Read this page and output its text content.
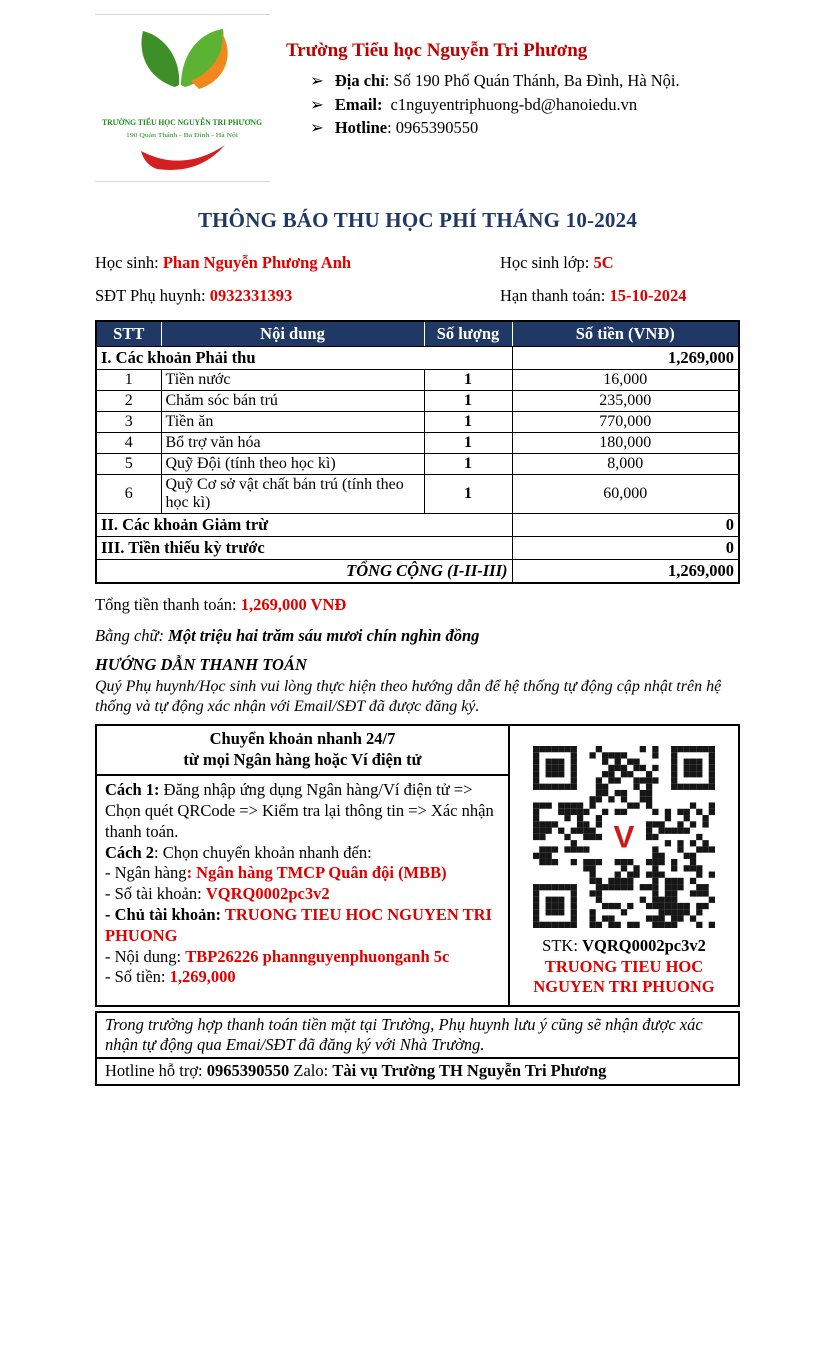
TRƯỜNG TIỂU HỌC NGUYỄN TRI PHƯƠNG
190 Quán Thánh - Ba Đình - Hà Nội
Trường Tiểu học Nguyễn Tri Phương
➢ Địa chỉ: Số 190 Phố Quán Thánh, Ba Đình, Hà Nội.
➢ Email: c1nguyentriphuong-bd@hanoiedu.vn
➢ Hotline: 0965390550
THÔNG BÁO THU HỌC PHÍ THÁNG 10-2024
Học sinh: Phan Nguyễn Phương Anh	Học sinh lớp: 5C
SĐT Phụ huynh: 0932331393	Hạn thanh toán: 15-10-2024
STT	Nội dung	Số lượng	Số tiền (VNĐ)
I. Các khoản Phải thu			1,269,000
1	Tiền nước	1	16,000
2	Chăm sóc bán trú	1	235,000
3	Tiền ăn	1	770,000
4	Bổ trợ văn hóa	1	180,000
5	Quỹ Đội (tính theo học kì)	1	8,000
6	Quỹ Cơ sở vật chất bán trú (tính theo học kì)	1	60,000
II. Các khoản Giảm trừ			0
III. Tiền thiếu kỳ trước			0
TỔNG CỘNG (I-II-III)			1,269,000
Tổng tiền thanh toán: 1,269,000 VNĐ
Bằng chữ: Một triệu hai trăm sáu mươi chín nghìn đồng
HƯỚNG DẪN THANH TOÁN
Quý Phụ huynh/Học sinh vui lòng thực hiện theo hướng dẫn để hệ thống tự động cập nhật trên hệ thống và tự động xác nhận với Email/SĐT đã được đăng ký.
Chuyển khoản nhanh 24/7
từ mọi Ngân hàng hoặc Ví điện tử
Cách 1: Đăng nhập ứng dụng Ngân hàng/Ví điện tử => Chọn quét QRCode => Kiểm tra lại thông tin => Xác nhận thanh toán.
Cách 2: Chọn chuyển khoản nhanh đến:
- Ngân hàng: Ngân hàng TMCP Quân đội (MBB)
- Số tài khoản: VQRQ0002pc3v2
- Chủ tài khoản: TRUONG TIEU HOC NGUYEN TRI PHUONG
- Nội dung: TBP26226 phannguyenphuonganh 5c
- Số tiền: 1,269,000
V
STK: VQRQ0002pc3v2
TRUONG TIEU HOC NGUYEN TRI PHUONG
Trong trường hợp thanh toán tiền mặt tại Trường, Phụ huynh lưu ý cũng sẽ nhận được xác nhận tự động qua Emai/SĐT đã đăng ký với Nhà Trường.
Hotline hỗ trợ: 0965390550 Zalo: Tài vụ Trường TH Nguyễn Tri Phương
